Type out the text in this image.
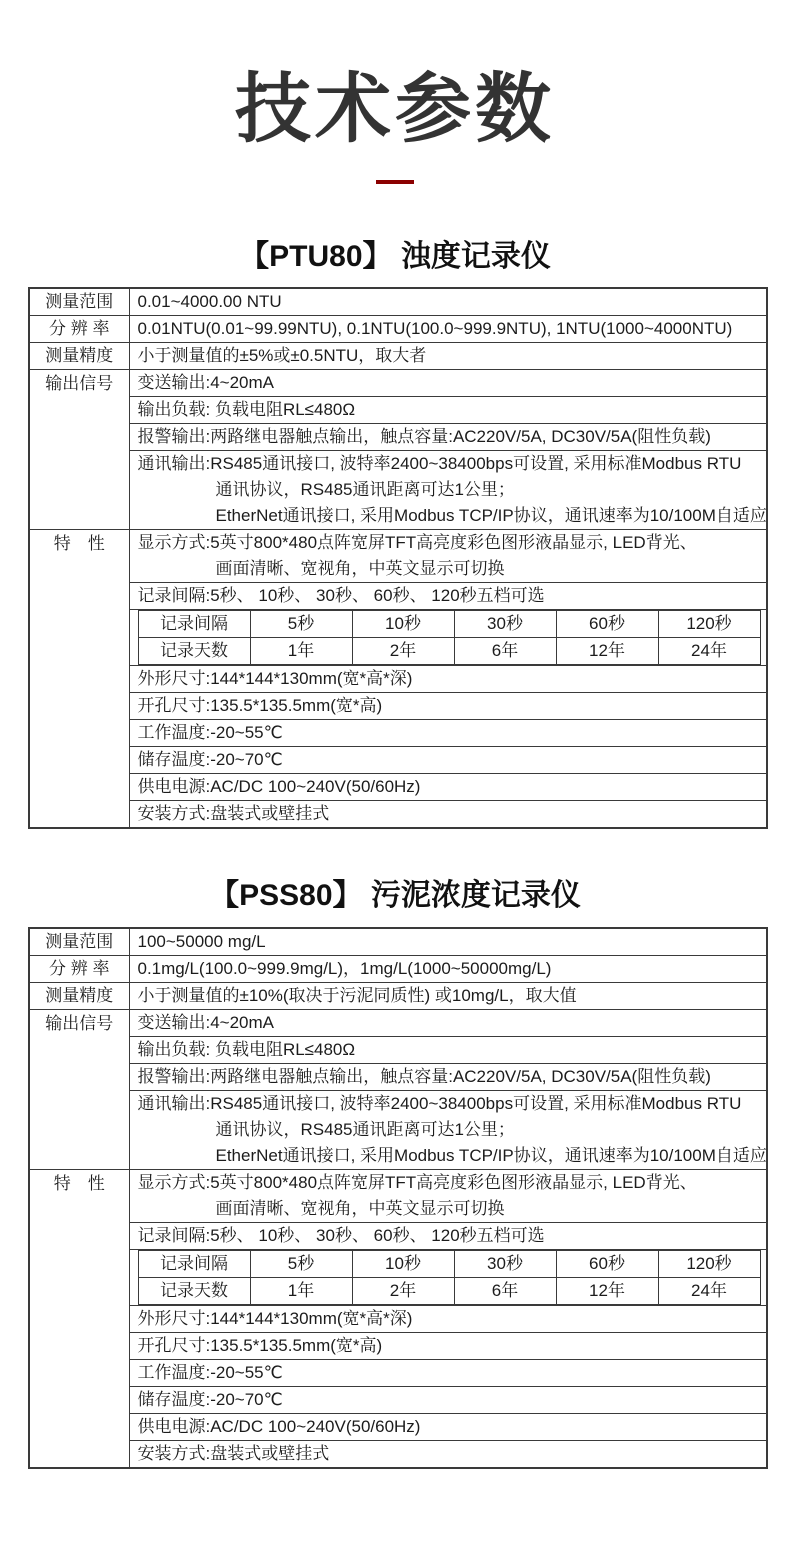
技术参数
【PTU80】 浊度记录仪
测量范围	0.01~4000.00 NTU
分 辨 率	0.01NTU(0.01~99.99NTU), 0.1NTU(100.0~999.9NTU), 1NTU(1000~4000NTU)
测量精度	小于测量值的±5%或±0.5NTU，取大者
输出信号	变送输出:4~20mA
输出负载: 负载电阻RL≤480Ω
报警输出:两路继电器触点输出，触点容量:AC220V/5A, DC30V/5A(阻性负载)

通讯输出:RS485通讯接口, 波特率2400~38400bps可设置, 采用标准Modbus RTU
通讯协议，RS485通讯距离可达1公里；
EtherNet通讯接口, 采用Modbus TCP/IP协议，通讯速率为10/100M自适应

特　性	显示方式:5英寸800*480点阵宽屏TFT高亮度彩色图形液晶显示, LED背光、
画面清晰、宽视角，中英文显示可切换

记录间隔:5秒、 10秒、 30秒、 60秒、 120秒五档可选

记录间隔	5秒	10秒	30秒	60秒	120秒
记录天数	1年	2年	6年	12年	24年

外形尺寸:144*144*130mm(宽*高*深)
开孔尺寸:135.5*135.5mm(宽*高)
工作温度:-20~55℃
储存温度:-20~70℃
供电电源:AC/DC 100~240V(50/60Hz)
安装方式:盘装式或壁挂式
【PSS80】 污泥浓度记录仪
测量范围	100~50000 mg/L
分 辨 率	0.1mg/L(100.0~999.9mg/L)，1mg/L(1000~50000mg/L)
测量精度	小于测量值的±10%(取决于污泥同质性) 或10mg/L，取大值
输出信号	变送输出:4~20mA
输出负载: 负载电阻RL≤480Ω
报警输出:两路继电器触点输出，触点容量:AC220V/5A, DC30V/5A(阻性负载)

通讯输出:RS485通讯接口, 波特率2400~38400bps可设置, 采用标准Modbus RTU
通讯协议，RS485通讯距离可达1公里；
EtherNet通讯接口, 采用Modbus TCP/IP协议，通讯速率为10/100M自适应

特　性	显示方式:5英寸800*480点阵宽屏TFT高亮度彩色图形液晶显示, LED背光、
画面清晰、宽视角，中英文显示可切换

记录间隔:5秒、 10秒、 30秒、 60秒、 120秒五档可选

记录间隔	5秒	10秒	30秒	60秒	120秒
记录天数	1年	2年	6年	12年	24年

外形尺寸:144*144*130mm(宽*高*深)
开孔尺寸:135.5*135.5mm(宽*高)
工作温度:-20~55℃
储存温度:-20~70℃
供电电源:AC/DC 100~240V(50/60Hz)
安装方式:盘装式或壁挂式
